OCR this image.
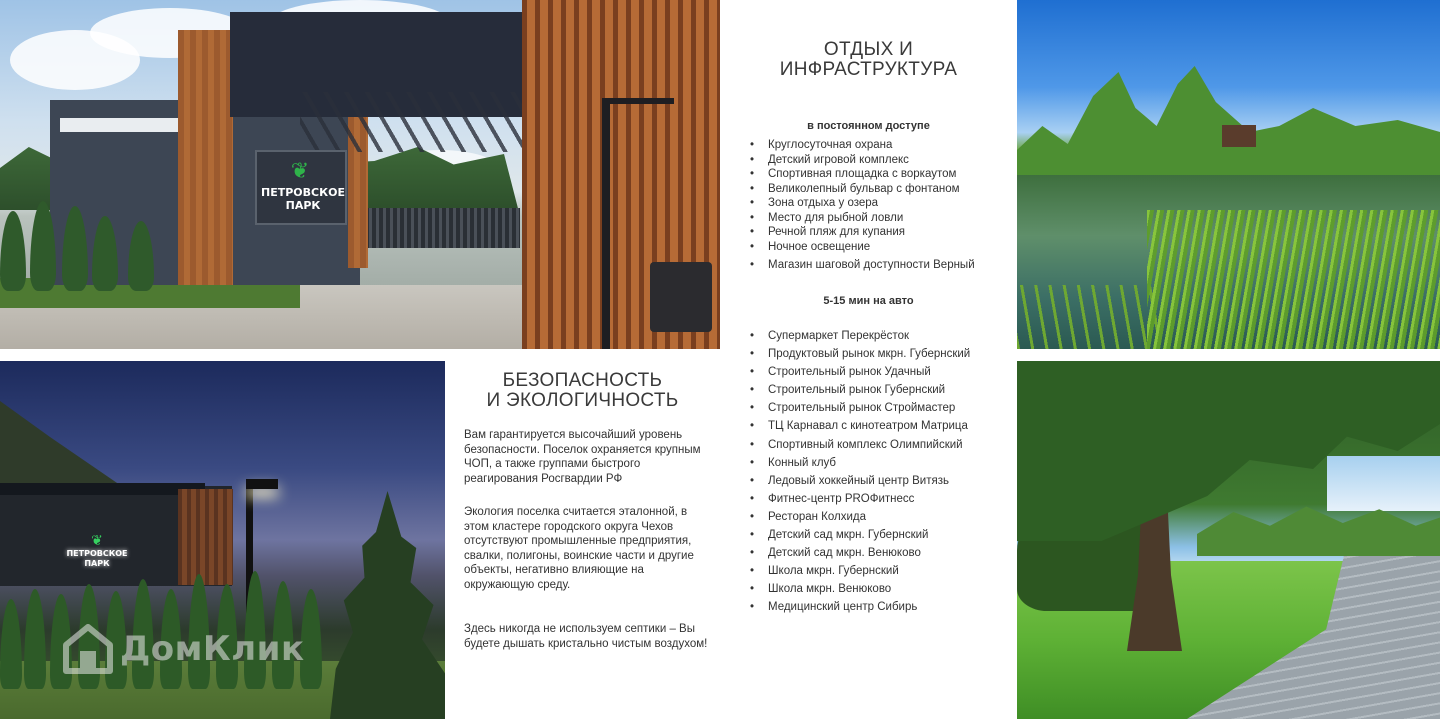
❦
ПЕТРОВСКОЕ
ПАРК
ОТДЫХ И
ИНФРАСТРУКТУРА
в постоянном доступе
• Круглосуточная охрана
• Детский игровой комплекс
• Спортивная площадка с воркаутом
• Великолепный бульвар с фонтаном
• Зона отдыха у озера
• Место для рыбной ловли
• Речной пляж для купания
• Ночное освещение
• Магазин шаговой доступности Верный
5-15 мин на авто
• Супермаркет Перекрёсток
• Продуктовый рынок мкрн. Губернский
• Строительный рынок Удачный
• Строительный рынок Губернский
• Строительный рынок Строймастер
• ТЦ Карнавал с кинотеатром Матрица
• Спортивный комплекс Олимпийский
• Конный клуб
• Ледовый хоккейный центр Витязь
• Фитнес-центр PROФитнесс
• Ресторан Колхида
• Детский сад мкрн. Губернский
• Детский сад мкрн. Венюково
• Школа мкрн. Губернский
• Школа мкрн. Венюково
• Медицинский центр Сибирь
❦
ПЕТРОВСКОЕ
ПАРК
ДомКлик
БЕЗОПАСНОСТЬ
И ЭКОЛОГИЧНОСТЬ

Вам гарантируется высочайший уровень безопасности. Поселок охраняется крупным ЧОП, а также группами быстрого реагирования Росгвардии РФ

Экология поселка считается эталонной, в этом кластере городского округа Чехов отсутствуют промышленные предприятия, свалки, полигоны, воинские части и другие объекты, негативно влияющие на окружающую среду.

Здесь никогда не используем септики – Вы будете дышать кристально чистым воздухом!
